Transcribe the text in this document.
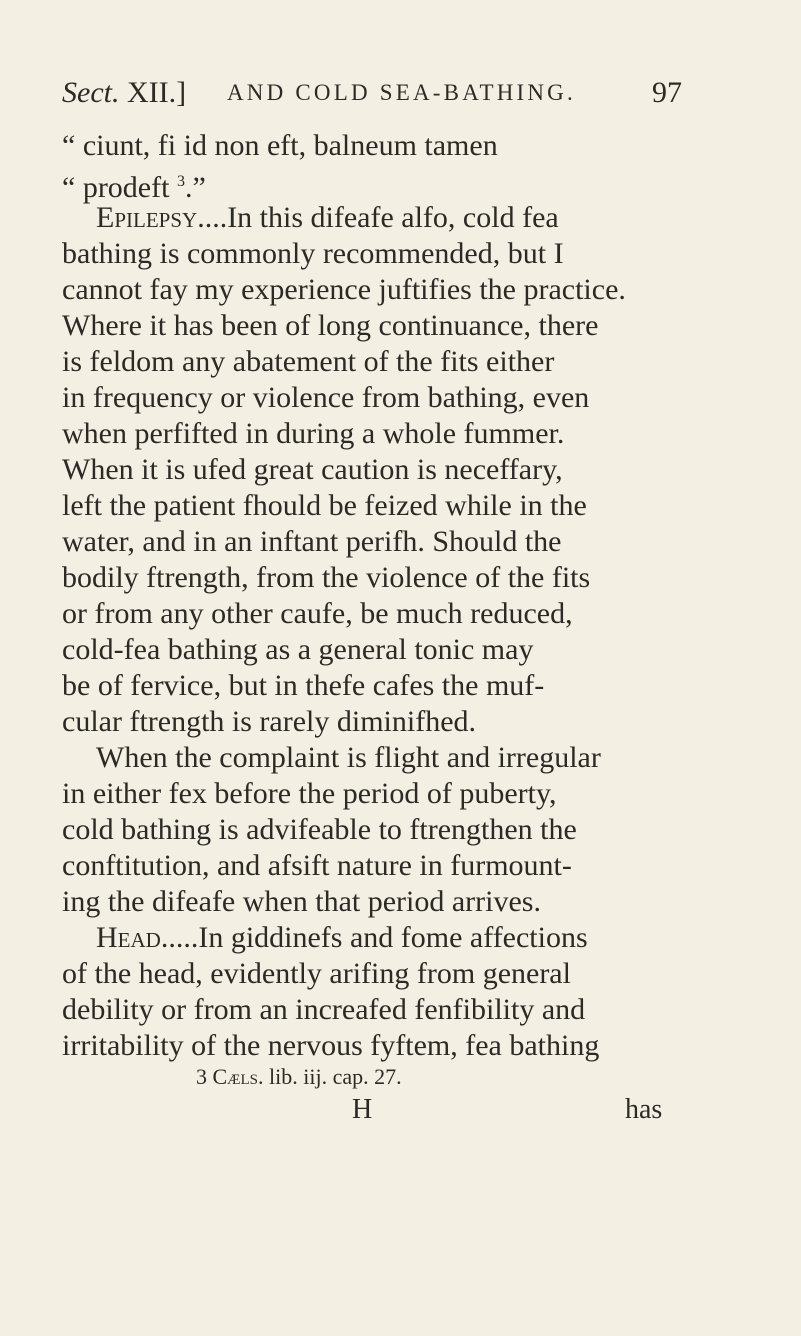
Sect. XII.] AND COLD SEA-BATHING.	97
“ ciunt, fi id non eft, balneum tamen
“ prodeft $^3$.”
Epilepsy....In this difeafe alfo, cold fea
bathing is commonly recommended, but I
cannot fay my experience juftifies the practice.
Where it has been of long continuance, there
is feldom any abatement of the fits either
in frequency or violence from bathing, even
when perfifted in during a whole fummer.
When it is ufed great caution is neceffary,
left the patient fhould be feized while in the
water, and in an inftant perifh. Should the
bodily ftrength, from the violence of the fits
or from any other caufe, be much reduced,
cold-fea bathing as a general tonic may
be of fervice, but in thefe cafes the muf-
cular ftrength is rarely diminifhed.
When the complaint is flight and irregular
in either fex before the period of puberty,
cold bathing is advifeable to ftrengthen the
conftitution, and afsift nature in furmount-
ing the difeafe when that period arrives.
Head.....In giddinefs and fome affections
of the head, evidently arifing from general
debility or from an increafed fenfibility and
irritability of the nervous fyftem, fea bathing
3 Cæls. lib. iij. cap. 27.
H	has
